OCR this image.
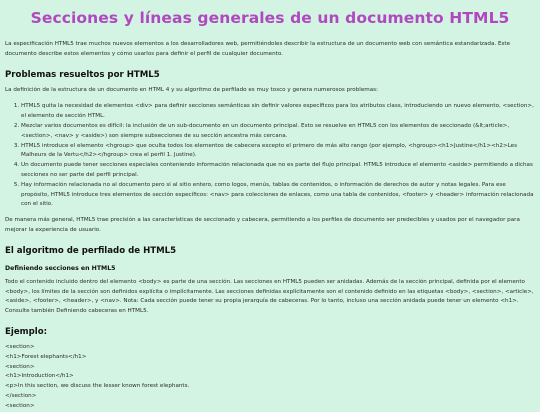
Secciones y líneas generales de un documento HTML5

La especificación HTML5 trae muchos nuevos elementos a los desarrolladores web, permitiéndoles describir la estructura de un documento web con semántica estandarizada. Este documento describe estos elementos y cómo usarlos para definir el perfil de cualquier documento.

Problemas resueltos por HTML5

La definición de la estructura de un documento en HTML 4 y su algoritmo de perfilado es muy tosco y genera numerosos problemas:

1. HTML5 quita la necesidad de elementos <div> para definir secciones semánticas sin definir valores específicos para los atributos class, introduciendo un nuevo elemento, <section>, el elemento de sección HTML.
2. Mezclar varios documentos es difícil: la inclusión de un sub-documento en un documento principal. Esto se resuelve en HTML5 con los elementos de seccionado (&lt;article>, <section>, <nav> y <aside>) son siempre subsecciones de su sección ancestra más cercana.
3. HTML5 introduce el elemento <hgroup> que oculta todos los elementos de cabecera excepto el primero de más alto rango (por ejemplo, <hgroup><h1>Justine</h1><h2>Les Malheurs de la Vertu</h2></hgroup> crea el perfil 1. Justine).
4. Un documento puede tener secciones especiales conteniendo información relacionada que no es parte del flujo principal. HTML5 introduce el elemento <aside> permitiendo a dichas secciones no ser parte del perfil principal.
5. Hay información relacionada no al documento pero si al sitio entero, como logos, menús, tablas de contenidos, o información de derechos de autor y notas legales. Para ese propósito, HTML5 introduce tres elementos de sección específicos: <nav> para colecciones de enlaces, como una tabla de contenidos, <footer> y <header> información relacionada con el sitio.

De manera más general, HTML5 trae precisión a las características de seccionado y cabecera, permitiendo a los perfiles de documento ser predecibles y usados por el navegador para mejorar la experiencia de usuario.

El algoritmo de perfilado de HTML5
Definiendo secciones en HTML5

Todo el contenido incluido dentro del elemento <body> es parte de una sección. Las secciones en HTML5 pueden ser anidadas. Además de la sección principal, definida por el elemento <body>, los límites de la sección son definidos explícita o implícitamente. Las secciones definidas explícitamente son el contenido definido en las etiquetas <body>, <section>, <article>, <aside>, <footer>, <header>, y <nav>. Nota: Cada sección puede tener su propia jerarquía de cabeceras. Por lo tanto, incluso una sección anidada puede tener un elemento <h1>. Consulte también Definiendo cabeceras en HTML5.

Ejemplo:
<section>
<h1>Forest elephants</h1>
<section>
<h1>Introduction</h1>
<p>In this section, we discuss the lesser known forest elephants.
</section>
<section>
